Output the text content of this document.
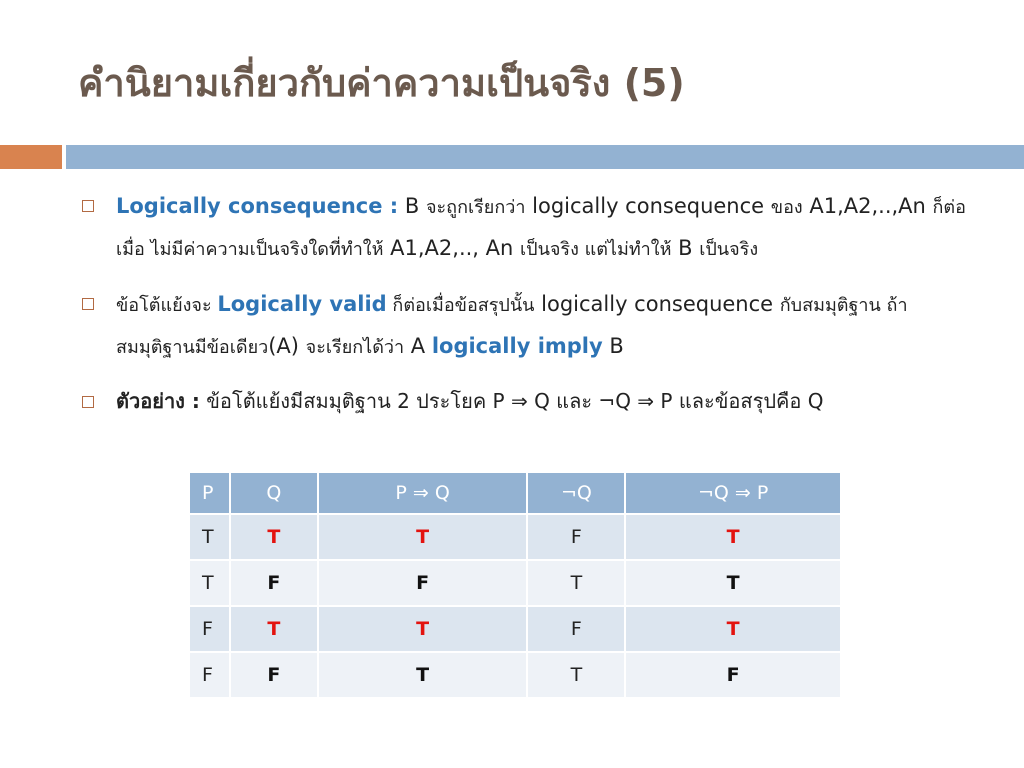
คำนิยามเกี่ยวกับค่าความเป็นจริง (5)
Logically consequence : B จะถูกเรียกว่า logically consequence ของ A1,A2,..,An ก็ต่อเมื่อ ไม่มีค่าความเป็นจริงใดที่ทำให้ A1,A2,.., An เป็นจริง แต่ไม่ทำให้ B เป็นจริง
ข้อโต้แย้งจะ Logically valid ก็ต่อเมื่อข้อสรุปนั้น logically consequence กับสมมุติฐาน ถ้าสมมุติฐานมีข้อเดียว(A) จะเรียกได้ว่า A logically imply B
ตัวอย่าง : ข้อโต้แย้งมีสมมุติฐาน 2 ประโยค P ⇒ Q และ ¬Q ⇒ P และข้อสรุปคือ Q
P	Q	P ⇒ Q	¬Q	¬Q ⇒ P
T	T	T	F	T
T	F	F	T	T
F	T	T	F	T
F	F	T	T	F
